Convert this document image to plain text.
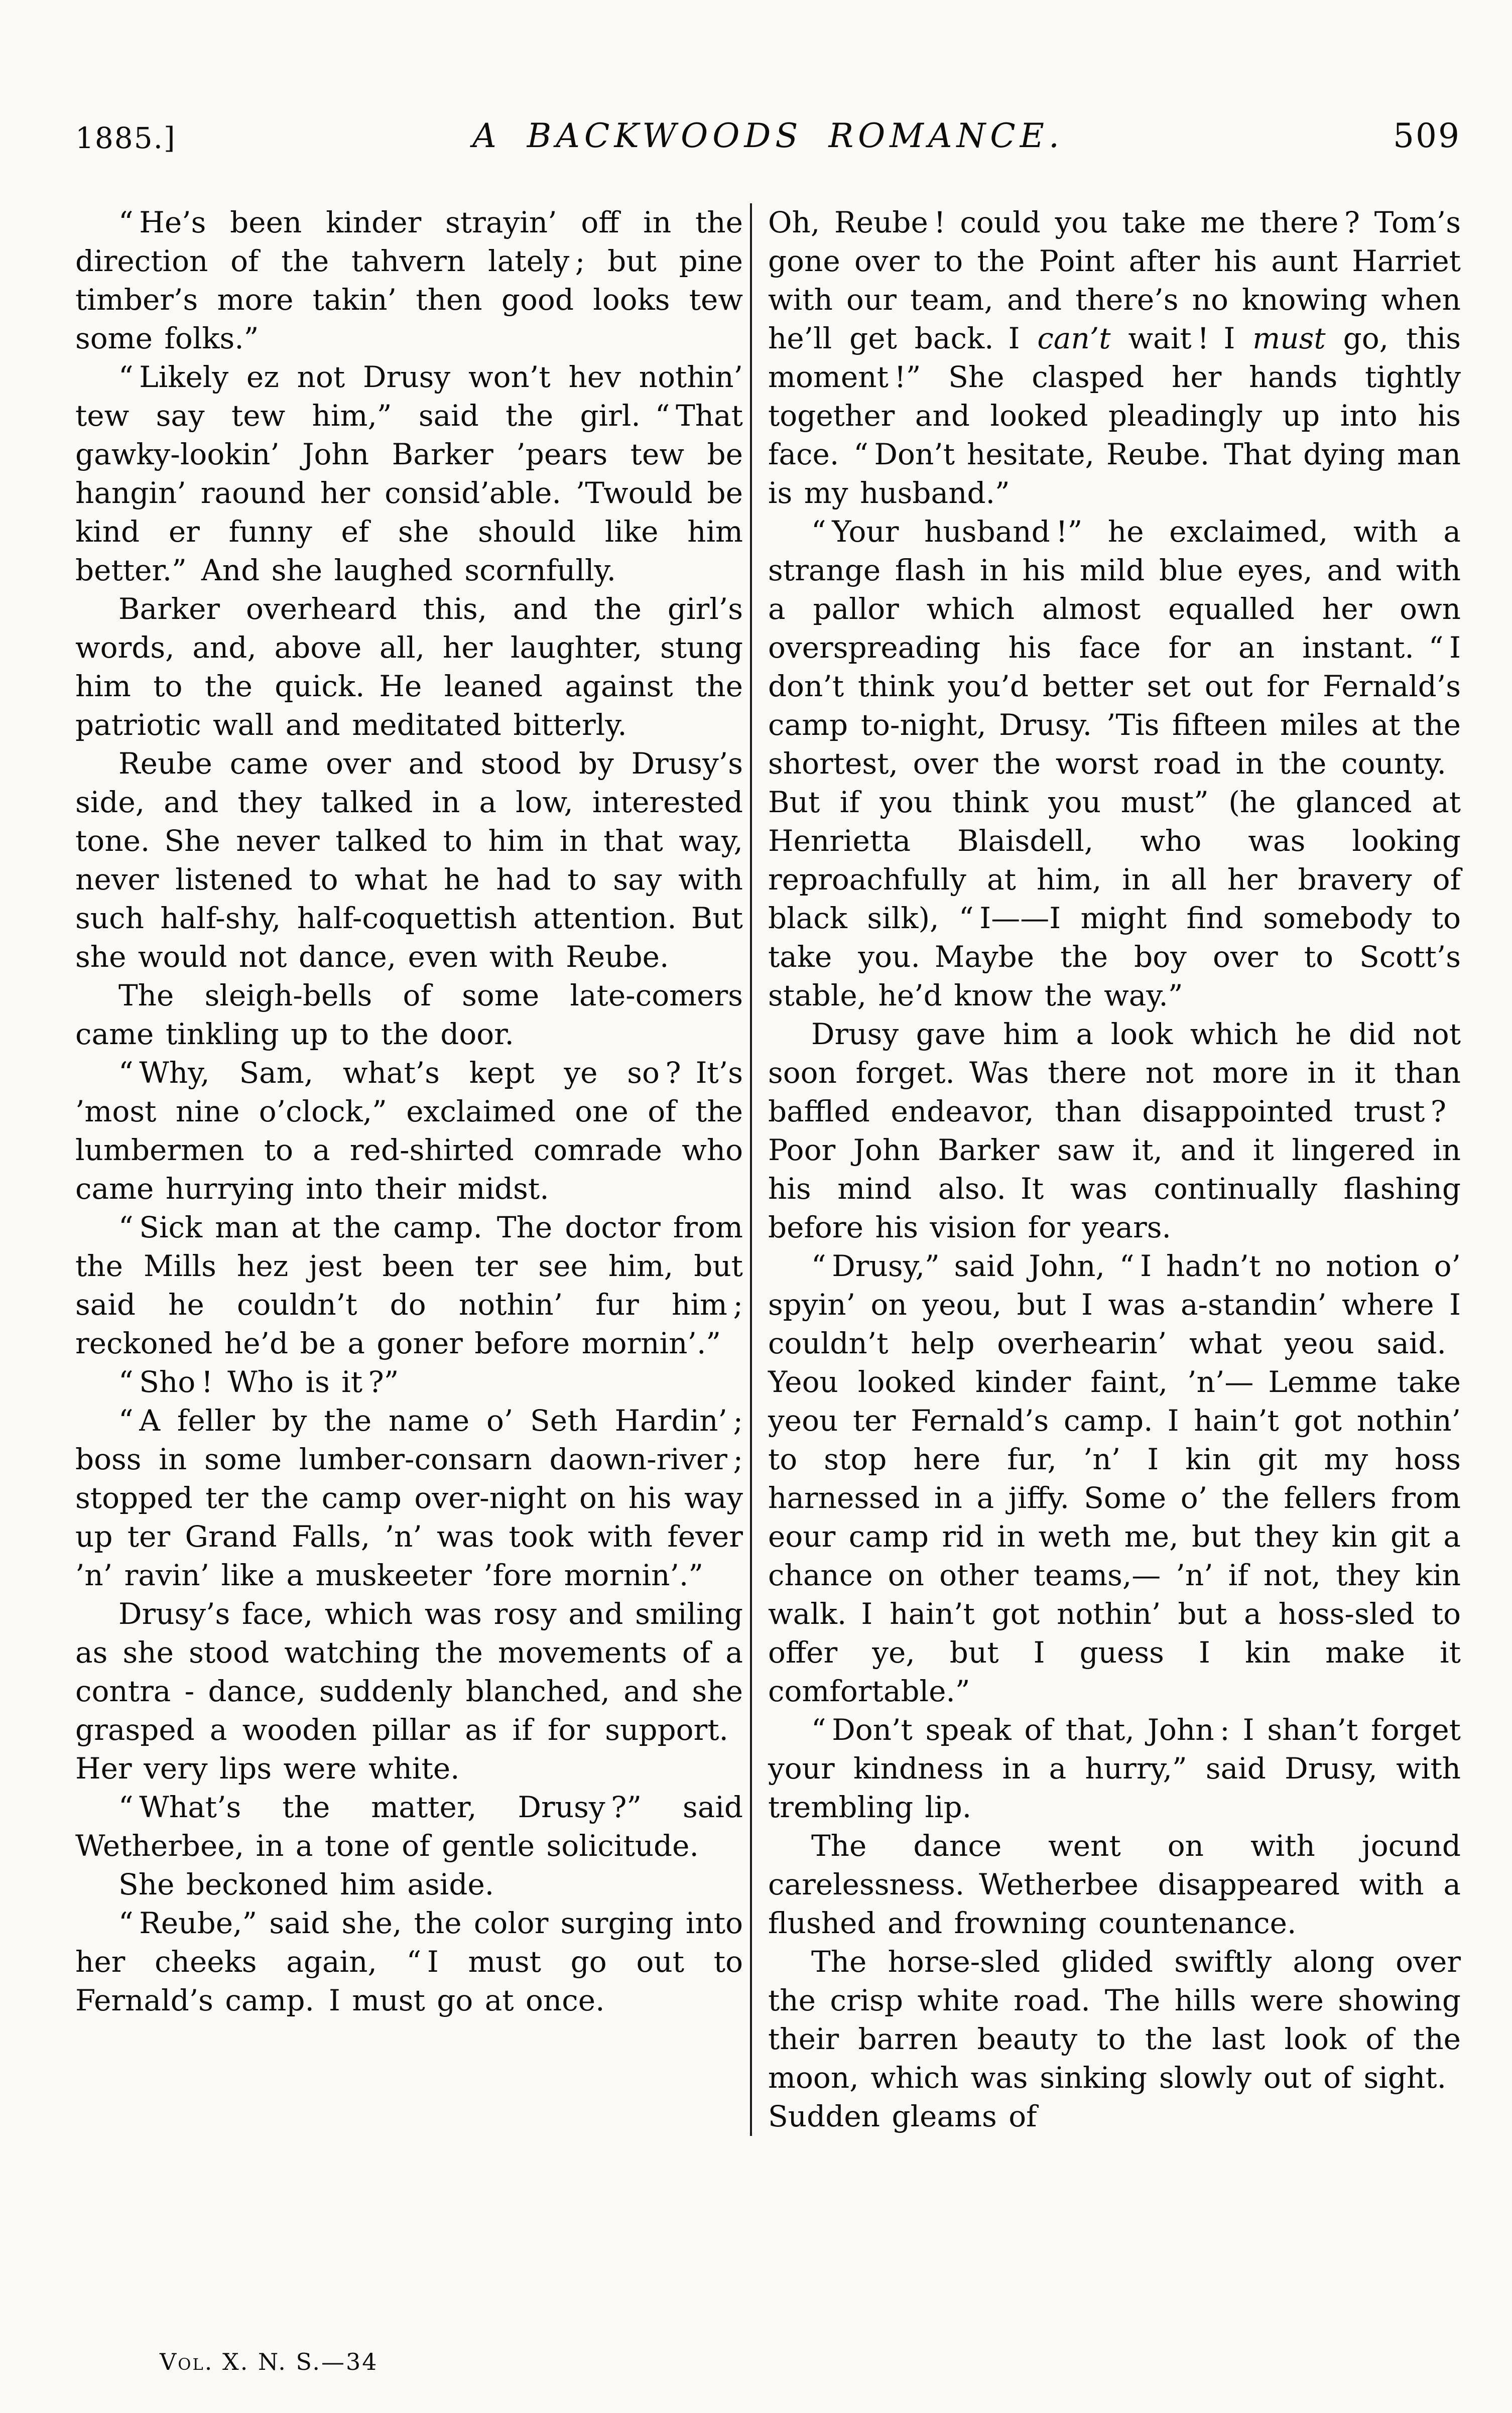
1885.]	A BACKWOODS ROMANCE.	509

“ He’s been kinder strayin’ off in the direction of the tahvern lately ; but pine timber’s more takin’ then good looks tew some folks.”

“ Likely ez not Drusy won’t hev nothin’ tew say tew him,” said the girl. “ That gawky-lookin’ John Barker ’pears tew be hangin’ raound her consid’able. ’Twould be kind er funny ef she should like him better.” And she laughed scornfully.

Barker overheard this, and the girl’s words, and, above all, her laughter, stung him to the quick. He leaned against the patriotic wall and meditated bitterly.

Reube came over and stood by Drusy’s side, and they talked in a low, interested tone. She never talked to him in that way, never listened to what he had to say with such half-shy, half-coquettish attention. But she would not dance, even with Reube.

The sleigh-bells of some late-comers came tinkling up to the door.

“ Why, Sam, what’s kept ye so ? It’s ’most nine o’clock,” exclaimed one of the lumbermen to a red-shirted comrade who came hurrying into their midst.

“ Sick man at the camp. The doctor from the Mills hez jest been ter see him, but said he couldn’t do nothin’ fur him ; reckoned he’d be a goner before mornin’.”

“ Sho ! Who is it ?”

“ A feller by the name o’ Seth Hardin’ ; boss in some lumber-consarn daown-river ; stopped ter the camp over-night on his way up ter Grand Falls, ’n’ was took with fever ’n’ ravin’ like a muskeeter ’fore mornin’.”

Drusy’s face, which was rosy and smiling as she stood watching the movements of a contra - dance, suddenly blanched, and she grasped a wooden pillar as if for support. Her very lips were white.

“ What’s the matter, Drusy ?” said Wetherbee, in a tone of gentle solicitude.

She beckoned him aside.

“ Reube,” said she, the color surging into her cheeks again, “ I must go out to Fernald’s camp. I must go at once.

Oh, Reube ! could you take me there ? Tom’s gone over to the Point after his aunt Harriet with our team, and there’s no knowing when he’ll get back. I can’t wait ! I must go, this moment !” She clasped her hands tightly together and looked pleadingly up into his face. “ Don’t hesitate, Reube. That dying man is my husband.”

“ Your husband !” he exclaimed, with a strange flash in his mild blue eyes, and with a pallor which almost equalled her own overspreading his face for an instant. “ I don’t think you’d better set out for Fernald’s camp to-night, Drusy. ’Tis fifteen miles at the shortest, over the worst road in the county. But if you think you must” (he glanced at Henrietta Blaisdell, who was looking reproachfully at him, in all her bravery of black silk), “ I——I might find somebody to take you. Maybe the boy over to Scott’s stable, he’d know the way.”

Drusy gave him a look which he did not soon forget. Was there not more in it than baffled endeavor, than disappointed trust ? Poor John Barker saw it, and it lingered in his mind also. It was continually flashing before his vision for years.

“ Drusy,” said John, “ I hadn’t no notion o’ spyin’ on yeou, but I was a-standin’ where I couldn’t help overhearin’ what yeou said. Yeou looked kinder faint, ’n’— Lemme take yeou ter Fernald’s camp. I hain’t got nothin’ to stop here fur, ’n’ I kin git my hoss harnessed in a jiffy. Some o’ the fellers from eour camp rid in weth me, but they kin git a chance on other teams,— ’n’ if not, they kin walk. I hain’t got nothin’ but a hoss-sled to offer ye, but I guess I kin make it comfortable.”

“ Don’t speak of that, John : I shan’t forget your kindness in a hurry,” said Drusy, with trembling lip.

The dance went on with jocund carelessness. Wetherbee disappeared with a flushed and frowning countenance.

The horse-sled glided swiftly along over the crisp white road. The hills were showing their barren beauty to the last look of the moon, which was sinking slowly out of sight. Sudden gleams of

Vol. X. N. S.—34
